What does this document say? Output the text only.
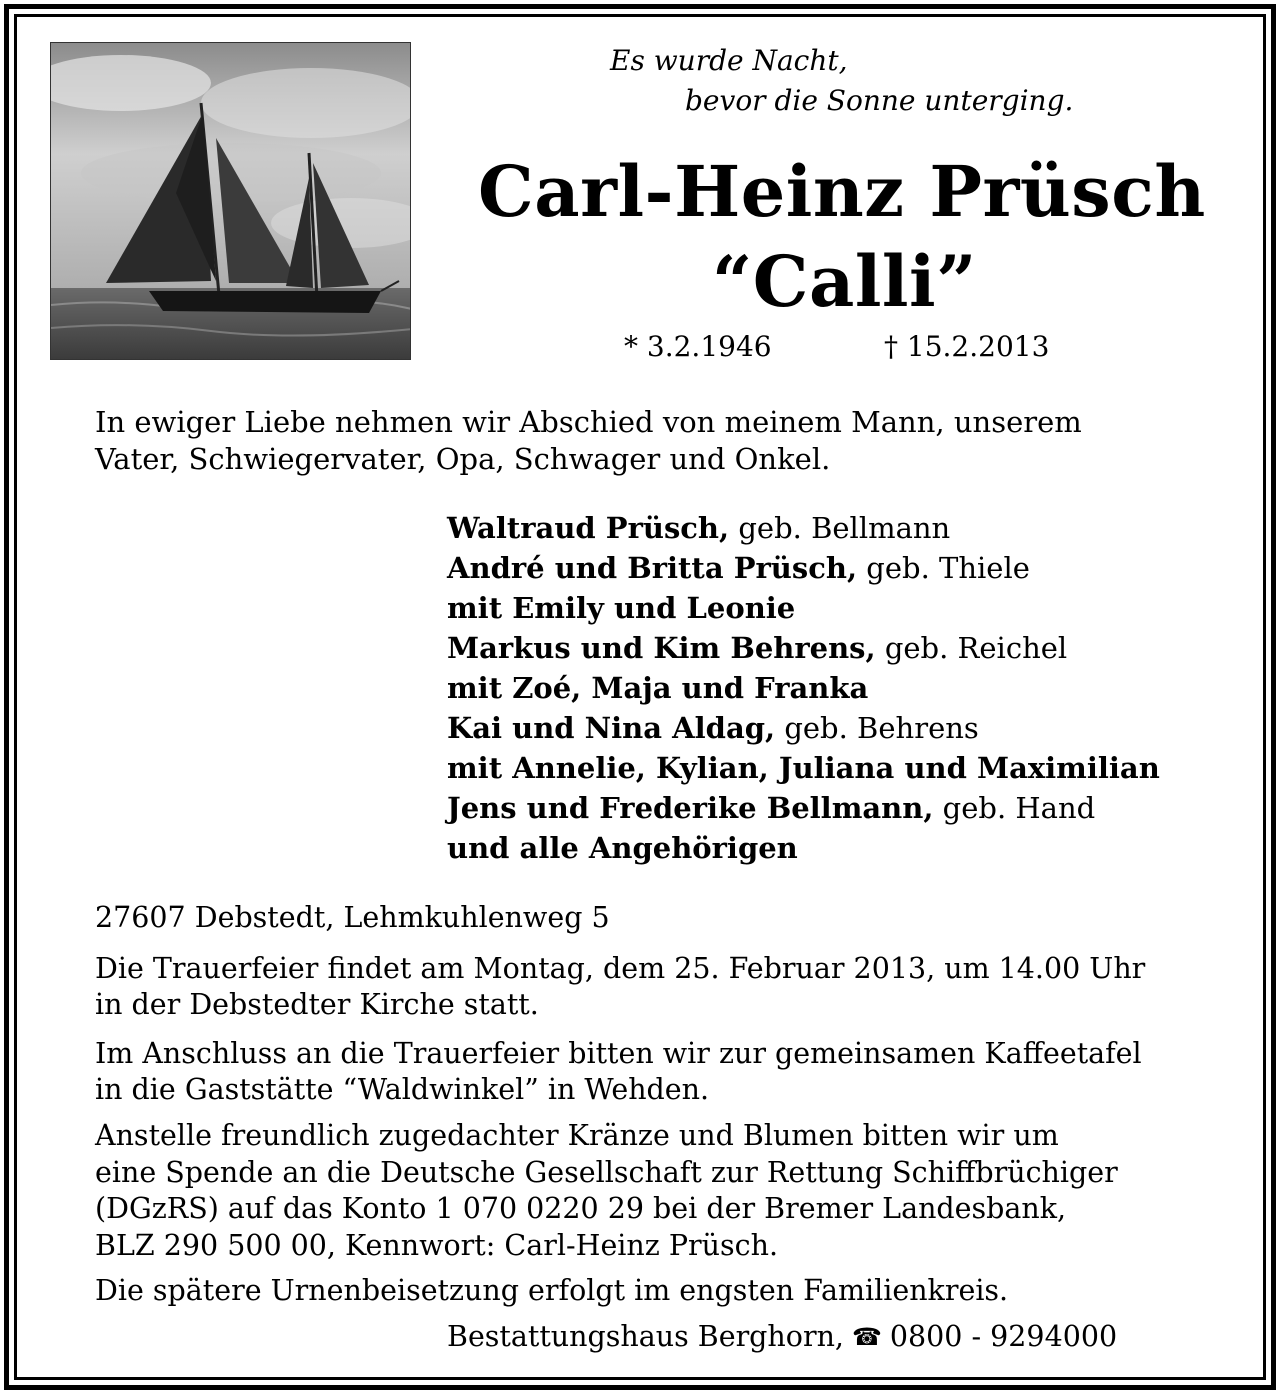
Es wurde Nacht,
bevor die Sonne unterging.
Carl-Heinz Prüsch
“Calli”
* 3.2.1946	† 15.2.2013
In ewiger Liebe nehmen wir Abschied von meinem Mann, unserem
Vater, Schwiegervater, Opa, Schwager und Onkel.
Waltraud Prüsch, geb. Bellmann
André und Britta Prüsch, geb. Thiele
mit Emily und Leonie
Markus und Kim Behrens, geb. Reichel
mit Zoé, Maja und Franka
Kai und Nina Aldag, geb. Behrens
mit Annelie, Kylian, Juliana und Maximilian
Jens und Frederike Bellmann, geb. Hand
und alle Angehörigen
27607 Debstedt, Lehmkuhlenweg 5
Die Trauerfeier findet am Montag, dem 25. Februar 2013, um 14.00 Uhr
in der Debstedter Kirche statt.
Im Anschluss an die Trauerfeier bitten wir zur gemeinsamen Kaffeetafel
in die Gaststätte “Waldwinkel” in Wehden.
Anstelle freundlich zugedachter Kränze und Blumen bitten wir um
eine Spende an die Deutsche Gesellschaft zur Rettung Schiffbrüchiger
(DGzRS) auf das Konto 1 070 0220 29 bei der Bremer Landesbank,
BLZ 290 500 00, Kennwort: Carl-Heinz Prüsch.
Die spätere Urnenbeisetzung erfolgt im engsten Familienkreis.
Bestattungshaus Berghorn, ☎ 0800 - 9294000
